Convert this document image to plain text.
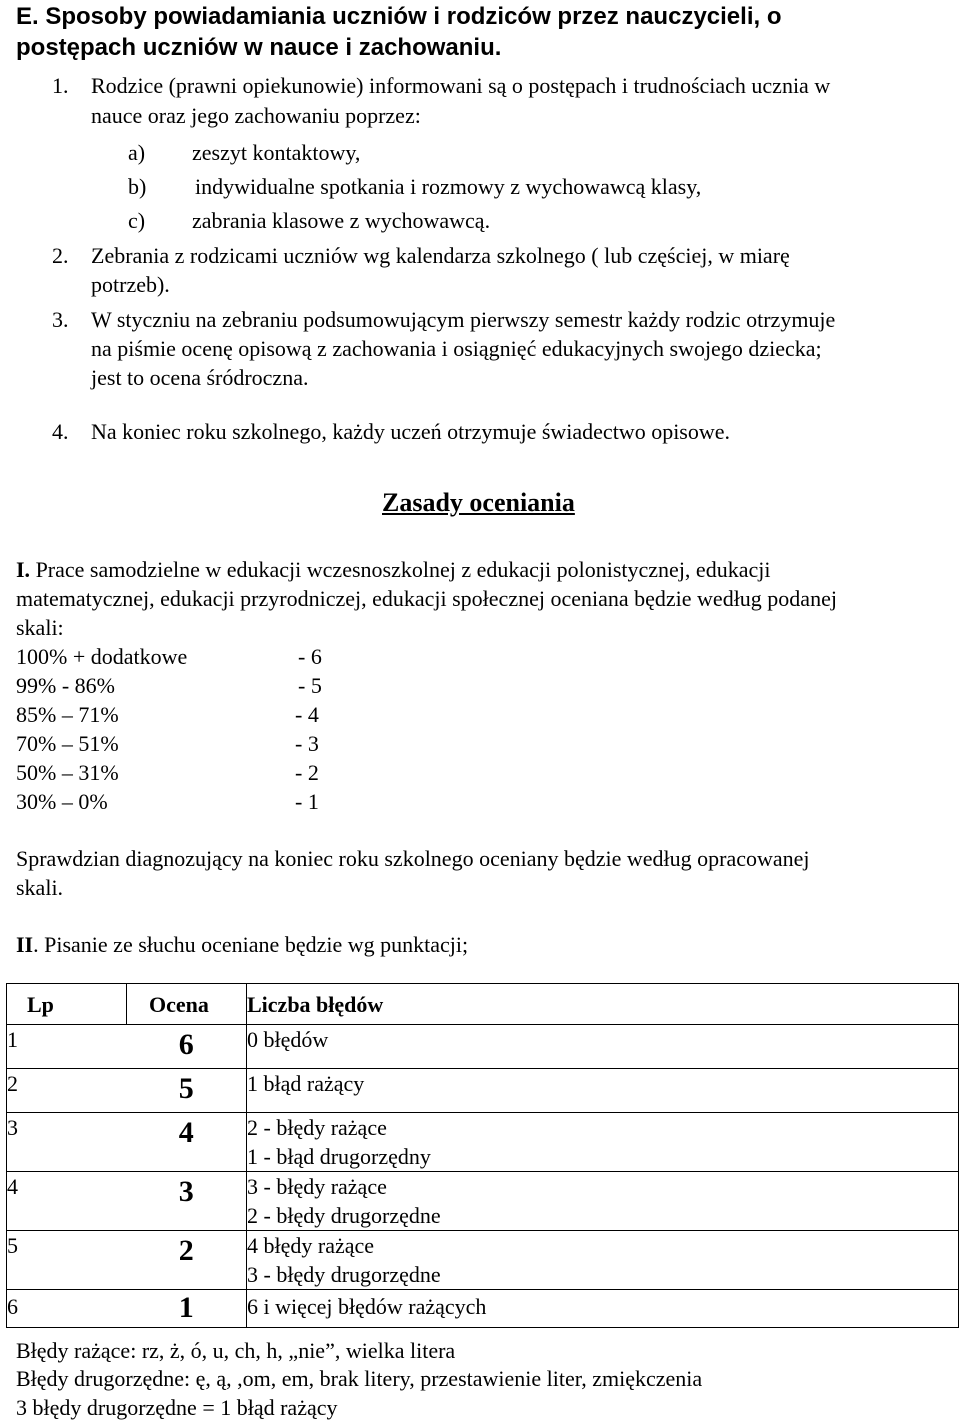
E. Sposoby powiadamiania uczniów i rodziców przez nauczycieli, o
postępach uczniów w nauce i zachowaniu.
1. Rodzice (prawni opiekunowie) informowani są o postępach i trudnościach ucznia w
nauce oraz jego zachowaniu poprzez:
a) zeszyt kontaktowy,
b) indywidualne spotkania i rozmowy z wychowawcą klasy,
c) zabrania klasowe z wychowawcą.
2. Zebrania z rodzicami uczniów wg kalendarza szkolnego ( lub częściej, w miarę
potrzeb).
3. W styczniu na zebraniu podsumowującym pierwszy semestr każdy rodzic otrzymuje
na piśmie ocenę opisową z zachowania i osiągnięć edukacyjnych swojego dziecka;
jest to ocena śródroczna.
4. Na koniec roku szkolnego, każdy uczeń otrzymuje świadectwo opisowe.
Zasady oceniania
I. Prace samodzielne w edukacji wczesnoszkolnej z edukacji polonistycznej, edukacji
matematycznej, edukacji przyrodniczej, edukacji społecznej oceniana będzie według podanej
skali:
100% + dodatkowe	- 6
99% - 86%	- 5
85% – 71%	- 4
70% – 51%	- 3
50% – 31%	- 2
30% – 0%	- 1
Sprawdzian diagnozujący na koniec roku szkolnego oceniany będzie według opracowanej
skali.
II. Pisanie ze słuchu oceniane będzie wg punktacji;
Lp	Ocena	Liczba błędów
1	6	0 błędów

2	5	1 błąd rażący

3	4	2 - błędy rażące
1 - błąd drugorzędny

4	3	3 - błędy rażące
2 - błędy drugorzędne

5	2	4 błędy rażące
3 - błędy drugorzędne

6	1	6 i więcej błędów rażących
Błędy rażące: rz, ż, ó, u, ch, h, „nie”, wielka litera
Błędy drugorzędne: ę, ą, ,om, em, brak litery, przestawienie liter, zmiękczenia
3 błędy drugorzędne = 1 błąd rażący
